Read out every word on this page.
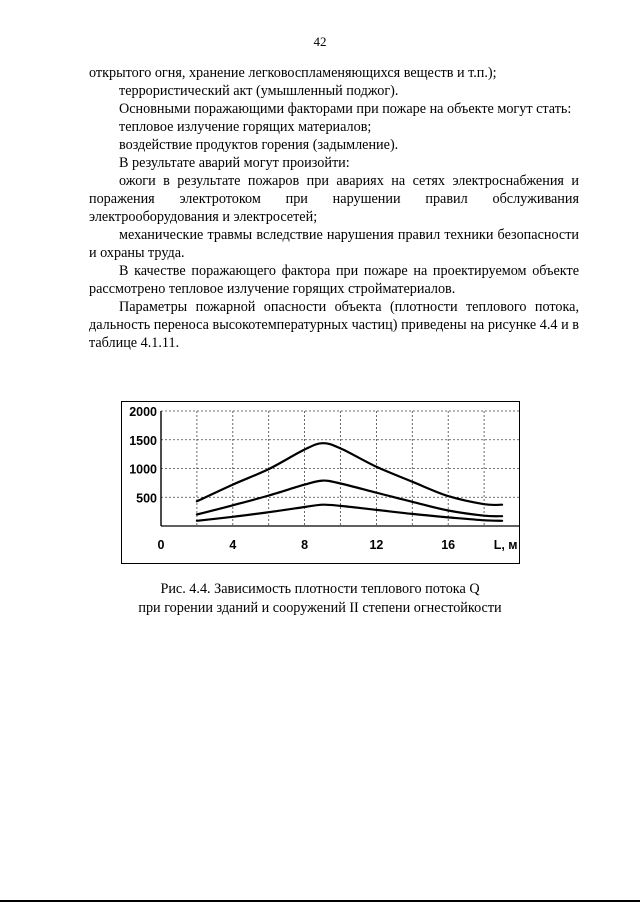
42

открытого огня, хранение легковоспламеняющихся веществ и т.п.);

террористический акт (умышленный поджог).

Основными поражающими факторами при пожаре на объекте могут стать:

тепловое излучение горящих материалов;

воздействие продуктов горения (задымление).

В результате аварий могут произойти:

ожоги в результате пожаров при авариях на сетях электроснабжения и поражения электротоком при нарушении правил обслуживания электрооборудования и электросетей;

механические травмы вследствие нарушения правил техники безопасности и охраны труда.

В качестве поражающего фактора при пожаре на проектируемом объекте рассмотрено тепловое излучение горящих стройматериалов.

Параметры пожарной опасности объекта (плотности теплового потока, дальность переноса высокотемпературных частиц) приведены на рисунке 4.4 и в таблице 4.1.11.

500
1000
1500
2000
0	4	8	12	16	L, м
Рис. 4.4. Зависимость плотности теплового потока Q
при горении зданий и сооружений II степени огнестойкости
